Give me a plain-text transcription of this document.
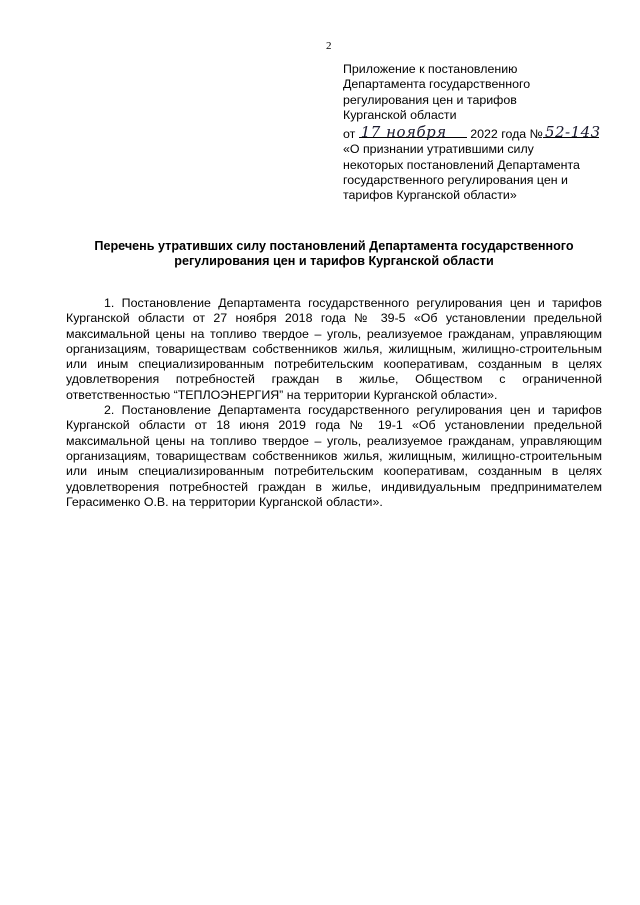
2
Приложение к постановлению
Департамента государственного
регулирования цен и тарифов
Курганской области
от 17 ноября 2022 года № 52-143
«О признании утратившими силу
некоторых постановлений Департамента
государственного регулирования цен и
тарифов Курганской области»
Перечень утративших силу постановлений Департамента государственного
регулирования цен и тарифов Курганской области

1. Постановление Департамента государственного регулирования цен и тарифов Курганской области от 27 ноября 2018 года № 39-5 «Об установлении предельной максимальной цены на топливо твердое – уголь, реализуемое гражданам, управляющим организациям, товариществам собственников жилья, жилищным, жилищно-строительным или иным специализированным потребительским кооперативам, созданным в целях удовлетворения потребностей граждан в жилье, Обществом с ограниченной ответственностью “ТЕПЛОЭНЕРГИЯ” на территории Курганской области».

2. Постановление Департамента государственного регулирования цен и тарифов Курганской области от 18 июня 2019 года № 19-1 «Об установлении предельной максимальной цены на топливо твердое – уголь, реализуемое гражданам, управляющим организациям, товариществам собственников жилья, жилищным, жилищно-строительным или иным специализированным потребительским кооперативам, созданным в целях удовлетворения потребностей граждан в жилье, индивидуальным предпринимателем Герасименко О.В. на территории Курганской области».
